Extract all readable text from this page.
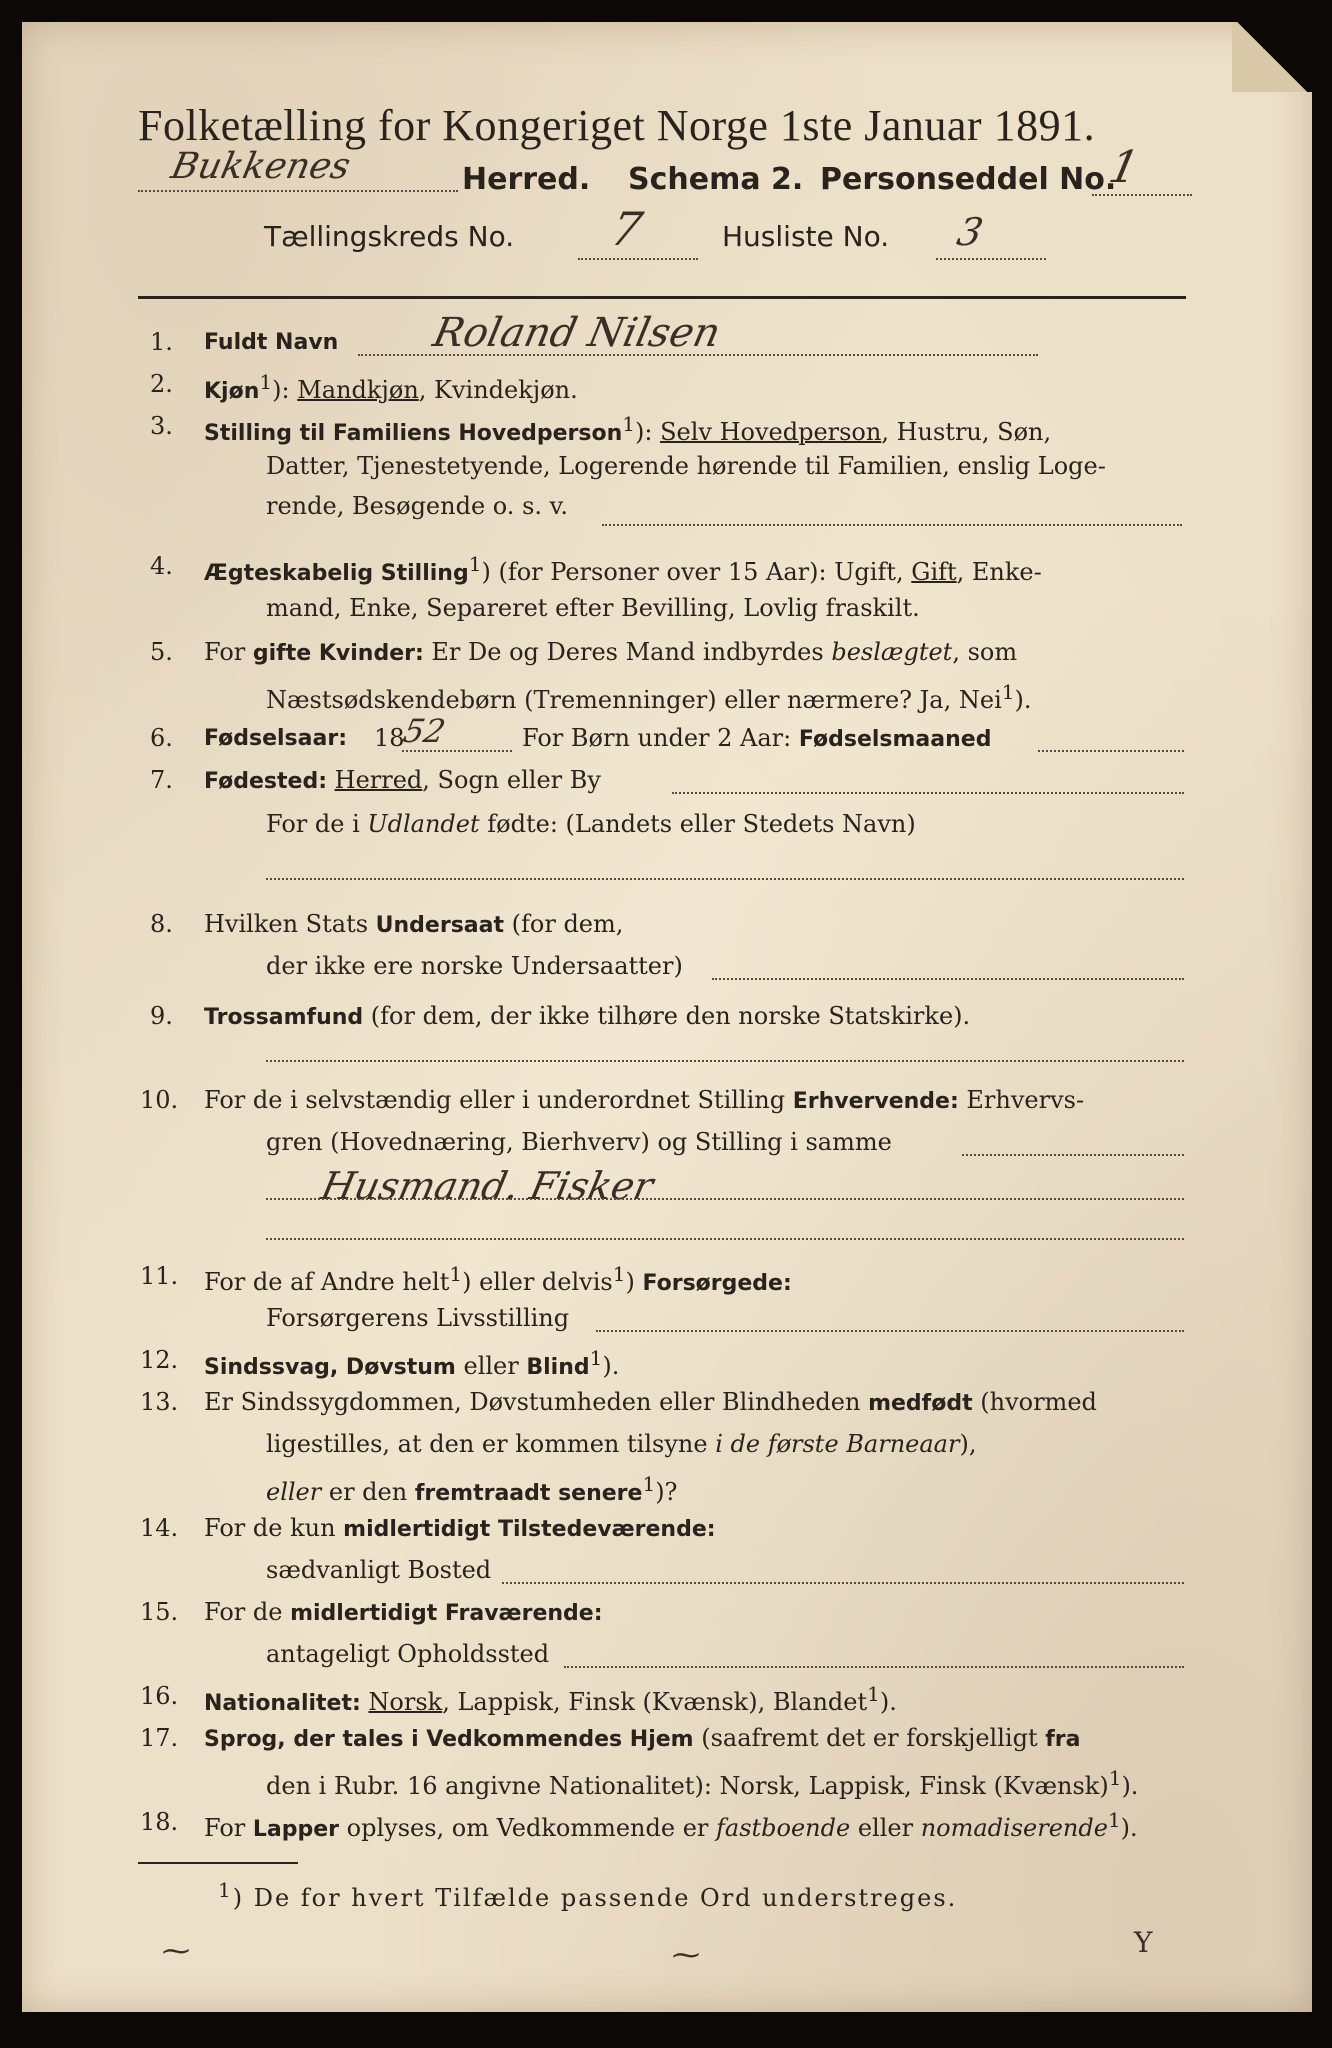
Folketælling for Kongeriget Norge 1ste Januar 1891.
Bukkenes	Herred. Schema 2. Personseddel No.
1
Tællingskreds No. 7	Husliste No. 3
1.	Fuldt Navn Roland Nilsen
2.	Kjøn$^1$): Mandkjøn, Kvindekjøn.
3.	Stilling til Familiens Hovedperson$^1$): Selv Hovedperson, Hustru, Søn,
Datter, Tjenestetyende, Logerende hørende til Familien, enslig Loge-
rende, Besøgende o. s. v.
4.	Ægteskabelig Stilling$^1$) (for Personer over 15 Aar): Ugift, Gift, Enke-
mand, Enke, Separeret efter Bevilling, Lovlig fraskilt.
5.	For gifte Kvinder: Er De og Deres Mand indbyrdes beslægtet, som
Næstsødskendebørn (Tremenninger) eller nærmere? Ja, Nei$^1$).
6.	Fødselsaar: 18
52	For Børn under 2 Aar: Fødselsmaaned
7.	Fødested: Herred, Sogn eller By
For de i Udlandet fødte: (Landets eller Stedets Navn)
8.	Hvilken Stats Undersaat (for dem,
der ikke ere norske Undersaatter)
9.	Trossamfund (for dem, der ikke tilhøre den norske Statskirke).
10.	For de i selvstændig eller i underordnet Stilling Erhvervende: Erhvervs-
gren (Hovednæring, Bierhverv) og Stilling i samme
Husmand. Fisker
11.	For de af Andre helt$^1$) eller delvis$^1$) Forsørgede:
Forsørgerens Livsstilling
12.	Sindssvag, Døvstum eller Blind$^1$).
13.	Er Sindssygdommen, Døvstumheden eller Blindheden medfødt (hvormed
ligestilles, at den er kommen tilsyne i de første Barneaar),
eller er den fremtraadt senere$^1$)?
14.	For de kun midlertidigt Tilstedeværende:
sædvanligt Bosted
15.	For de midlertidigt Fraværende:
antageligt Opholdssted
16.	Nationalitet: Norsk, Lappisk, Finsk (Kvænsk), Blandet$^1$).
17.	Sprog, der tales i Vedkommendes Hjem (saafremt det er forskjelligt fra
den i Rubr. 16 angivne Nationalitet): Norsk, Lappisk, Finsk (Kvænsk)$^1$).
18.	For Lapper oplyses, om Vedkommende er fastboende eller nomadiserende$^1$).
$^1$) De for hvert Tilfælde passende Ord understreges.
⁓	⁓	Y
